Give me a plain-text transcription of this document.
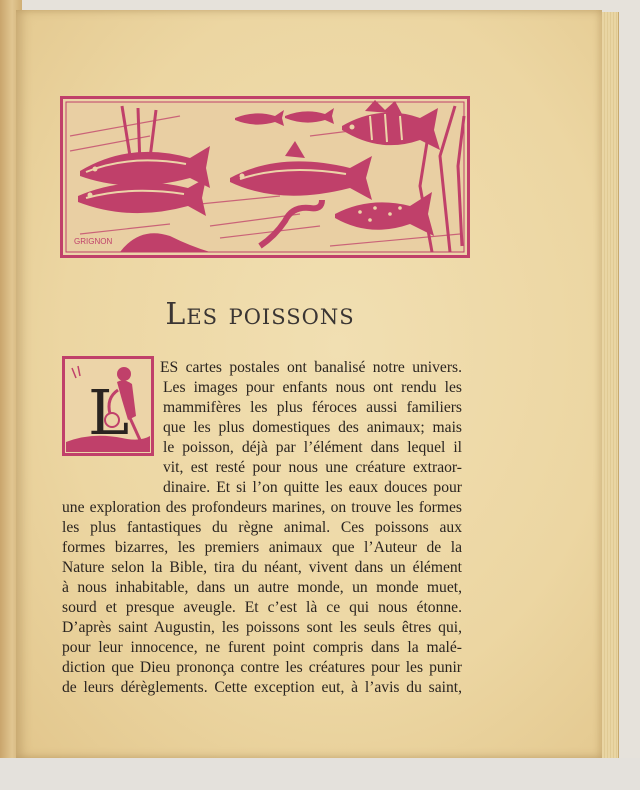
GRIGNON
Les poissons
L
ES cartes postales ont banalisé notre univers.
Les images pour enfants nous ont rendu les
mammifères les plus féroces aussi familiers
que les plus domestiques des animaux; mais
le poisson, déjà par l’élément dans lequel il
vit, est resté pour nous une créature extraor-
dinaire. Et si l’on quitte les eaux douces pour
une exploration des profondeurs marines, on trouve les formes
les plus fantastiques du règne animal. Ces poissons aux
formes bizarres, les premiers animaux que l’Auteur de la
Nature selon la Bible, tira du néant, vivent dans un élément
à nous inhabitable, dans un autre monde, un monde muet,
sourd et presque aveugle. Et c’est là ce qui nous étonne.
D’après saint Augustin, les poissons sont les seuls êtres qui,
pour leur innocence, ne furent point compris dans la malé-
diction que Dieu prononça contre les créatures pour les punir
de leurs dérèglements. Cette exception eut, à l’avis du saint,
